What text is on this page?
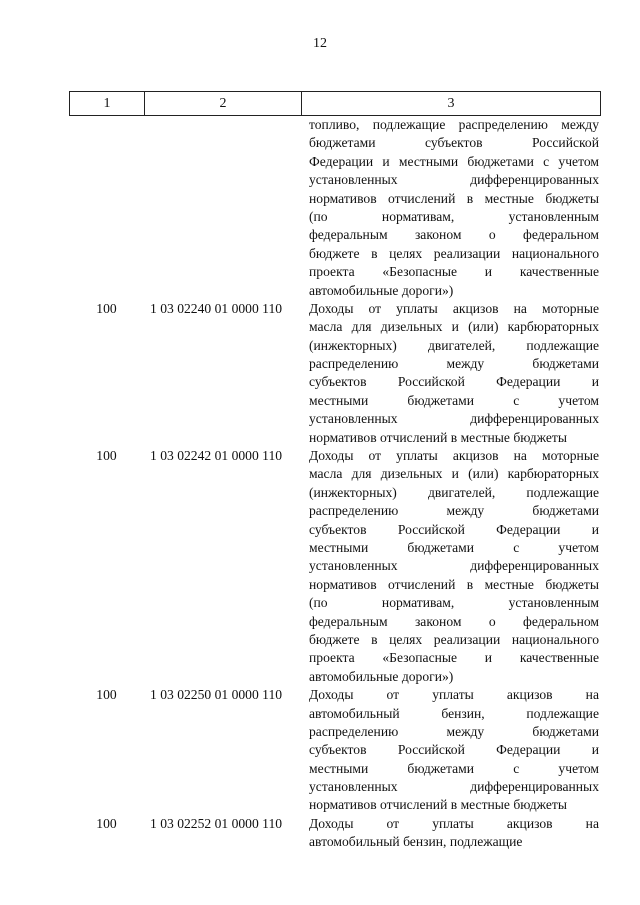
12
1	2	3
топливо, подлежащие распределению между
бюджетами субъектов Российской
Федерации и местными бюджетами с учетом
установленных дифференцированных
нормативов отчислений в местные бюджеты
(по нормативам, установленным
федеральным законом о федеральном
бюджете в целях реализации национального
проекта «Безопасные и качественные
автомобильные дороги»)
100	1 03 02240 01 0000 110	Доходы от уплаты акцизов на моторные
масла для дизельных и (или) карбюраторных
(инжекторных) двигателей, подлежащие
распределению между бюджетами
субъектов Российской Федерации и
местными бюджетами с учетом
установленных дифференцированных
нормативов отчислений в местные бюджеты
100	1 03 02242 01 0000 110	Доходы от уплаты акцизов на моторные
масла для дизельных и (или) карбюраторных
(инжекторных) двигателей, подлежащие
распределению между бюджетами
субъектов Российской Федерации и
местными бюджетами с учетом
установленных дифференцированных
нормативов отчислений в местные бюджеты
(по нормативам, установленным
федеральным законом о федеральном
бюджете в целях реализации национального
проекта «Безопасные и качественные
автомобильные дороги»)
100	1 03 02250 01 0000 110	Доходы от уплаты акцизов на
автомобильный бензин, подлежащие
распределению между бюджетами
субъектов Российской Федерации и
местными бюджетами с учетом
установленных дифференцированных
нормативов отчислений в местные бюджеты
100	1 03 02252 01 0000 110	Доходы от уплаты акцизов на
автомобильный бензин, подлежащие
